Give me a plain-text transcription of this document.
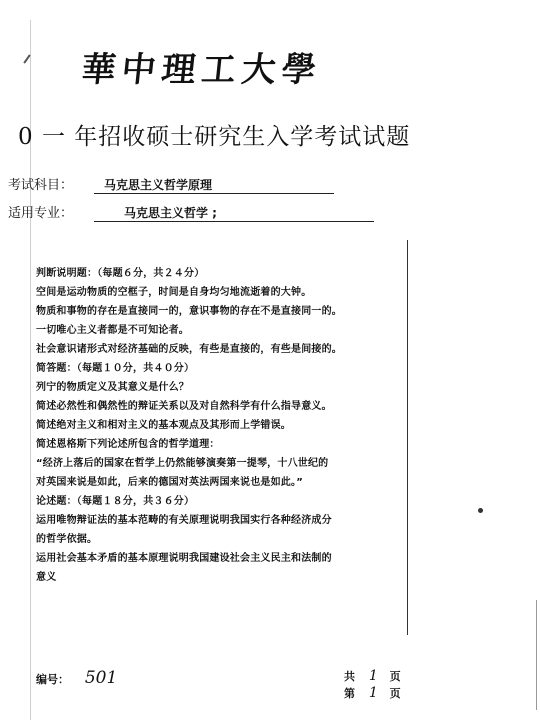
華中理工大學
0 一 年招收硕士研究生入学考试试题
考试科目：	马克思主义哲学原理
适用专业：	马克思主义哲学 ;
判断说明题：（每题６分，共２４分）
空间是运动物质的空框子，时间是自身均匀地流逝着的大钟。
物质和事物的存在是直接同一的，意识事物的存在不是直接同一的。
一切唯心主义者都是不可知论者。
社会意识诸形式对经济基础的反映，有些是直接的，有些是间接的。
简答题：（每题１０分，共４０分）
列宁的物质定义及其意义是什么？
简述必然性和偶然性的辩证关系以及对自然科学有什么指导意义。
简述绝对主义和相对主义的基本观点及其形而上学错误。
简述恩格斯下列论述所包含的哲学道理：
“经济上落后的国家在哲学上仍然能够演奏第一提琴，十八世纪的
对英国来说是如此，后来的德国对英法两国来说也是如此。”
论述题：（每题１８分，共３６分）
运用唯物辩证法的基本范畴的有关原理说明我国实行各种经济成分
的哲学依据。
运用社会基本矛盾的基本原理说明我国建设社会主义民主和法制的
意义
编号： 501	共 1 页
第 1 页
